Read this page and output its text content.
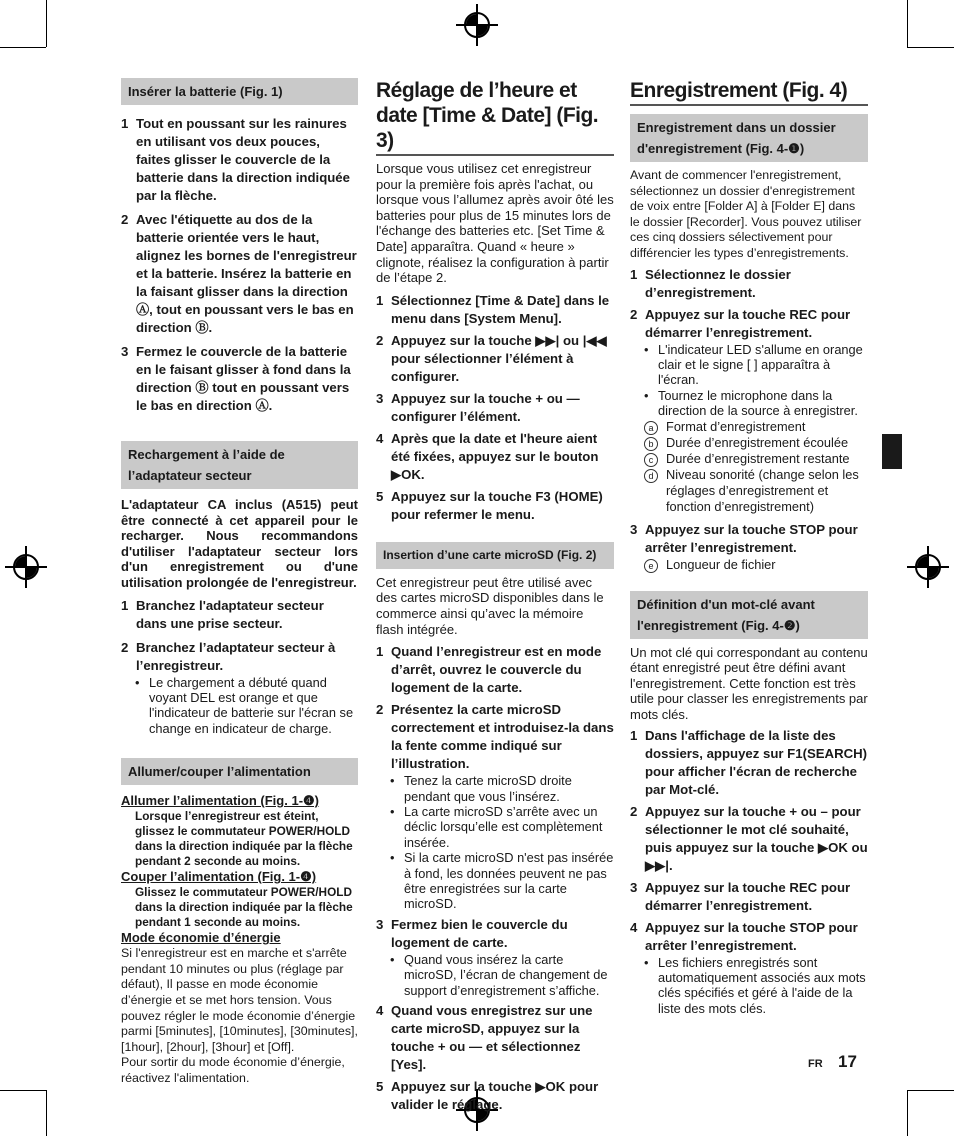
Insérer la batterie (Fig. 1)
1 Tout en poussant sur les rainures en utilisant vos deux pouces, faites glisser le couvercle de la batterie dans la direction indiquée par la flèche.
2 Avec l'étiquette au dos de la batterie orientée vers le haut, alignez les bornes de l'enregistreur et la batterie. Insérez la batterie en la faisant glisser dans la direction Ⓐ, tout en poussant vers le bas en direction Ⓑ.
3 Fermez le couvercle de la batterie en le faisant glisser à fond dans la direction Ⓑ tout en poussant vers le bas en direction Ⓐ.
Rechargement à l’aide de l’adaptateur secteur

L'adaptateur CA inclus (A515) peut être connecté à cet appareil pour le recharger. Nous recommandons d'utiliser l'adaptateur secteur lors d'un enregistrement ou d'une utilisation prolongée de l'enregistreur.

1 Branchez l'adaptateur secteur dans une prise secteur.
2 Branchez l’adaptateur secteur à l’enregistreur.
• Le chargement a débuté quand voyant DEL est orange et que l'indicateur de batterie sur l'écran se change en indicateur de charge.
Allumer/couper l’alimentation
Allumer l’alimentation (Fig. 1-❹)
Lorsque l’enregistreur est éteint, glissez le commutateur POWER/HOLD dans la direction indiquée par la flèche pendant 2 seconde au moins.
Couper l’alimentation (Fig. 1-❹)
Glissez le commutateur POWER/HOLD dans la direction indiquée par la flèche pendant 1 seconde au moins.
Mode économie d’énergie

Si l'enregistreur est en marche et s'arrête pendant 10 minutes ou plus (réglage par défaut), Il passe en mode économie d’énergie et se met hors tension. Vous pouvez régler le mode économie d’énergie parmi [5minutes], [10minutes], [30minutes], [1hour], [2hour], [3hour] et [Off].

Pour sortir du mode économie d’énergie, réactivez l'alimentation.

Réglage de l’heure et date [Time & Date] (Fig. 3)

Lorsque vous utilisez cet enregistreur pour la première fois après l'achat, ou lorsque vous l’allumez après avoir ôté les batteries pour plus de 15 minutes lors de l'échange des batteries etc. [Set Time & Date] apparaîtra. Quand « heure » clignote, réalisez la configuration à partir de l’étape 2.

1 Sélectionnez [Time & Date] dans le menu dans [System Menu].
2 Appuyez sur la touche ▶▶| ou |◀◀ pour sélectionner l’élément à configurer.
3 Appuyez sur la touche + ou — configurer l’élément.
4 Après que la date et l'heure aient été fixées, appuyez sur le bouton ▶OK.
5 Appuyez sur la touche F3 (HOME) pour refermer le menu.
Insertion d’une carte microSD (Fig. 2)

Cet enregistreur peut être utilisé avec des cartes microSD disponibles dans le commerce ainsi qu’avec la mémoire flash intégrée.

1 Quand l’enregistreur est en mode d’arrêt, ouvrez le couvercle du logement de la carte.
2 Présentez la carte microSD correctement et introduisez-la dans la fente comme indiqué sur l’illustration.
• Tenez la carte microSD droite pendant que vous l’insérez.
• La carte microSD s’arrête avec un déclic lorsqu’elle est complètement insérée.
• Si la carte microSD n'est pas insérée à fond, les données peuvent ne pas être enregistrées sur la carte microSD.
3 Fermez bien le couvercle du logement de carte.
• Quand vous insérez la carte microSD, l’écran de changement de support d’enregistrement s’affiche.
4 Quand vous enregistrez sur une carte microSD, appuyez sur la touche + ou — et sélectionnez [Yes].
5 Appuyez sur la touche ▶OK pour valider le réglage.
Enregistrement (Fig. 4)
Enregistrement dans un dossier d'enregistrement (Fig. 4-❶)

Avant de commencer l'enregistrement, sélectionnez un dossier d'enregistrement de voix entre [Folder A] à [Folder E] dans le dossier [Recorder]. Vous pouvez utiliser ces cinq dossiers sélectivement pour différencier les types d’enregistrements.

1 Sélectionnez le dossier d’enregistrement.
2 Appuyez sur la touche REC pour démarrer l’enregistrement.
• L'indicateur LED s'allume en orange clair et le signe [ ] apparaîtra à l'écran.
• Tournez le microphone dans la direction de la source à enregistrer.
a Format d’enregistrement
b Durée d’enregistrement écoulée
c Durée d’enregistrement restante
d Niveau sonorité (change selon les réglages d’enregistrement et fonction d’enregistrement)
3 Appuyez sur la touche STOP pour arrêter l’enregistrement.
e Longueur de fichier
Définition d'un mot-clé avant l'enregistrement (Fig. 4-❷)

Un mot clé qui correspondant au contenu étant enregistré peut être défini avant l'enregistrement. Cette fonction est très utile pour classer les enregistrements par mots clés.

1 Dans l'affichage de la liste des dossiers, appuyez sur F1(SEARCH) pour afficher l'écran de recherche par Mot-clé.
2 Appuyez sur la touche + ou – pour sélectionner le mot clé souhaité, puis appuyez sur la touche ▶OK ou ▶▶|.
3 Appuyez sur la touche REC pour démarrer l’enregistrement.
4 Appuyez sur la touche STOP pour arrêter l’enregistrement.
• Les fichiers enregistrés sont automatiquement associés aux mots clés spécifiés et géré à l'aide de la liste des mots clés.
FR 17
